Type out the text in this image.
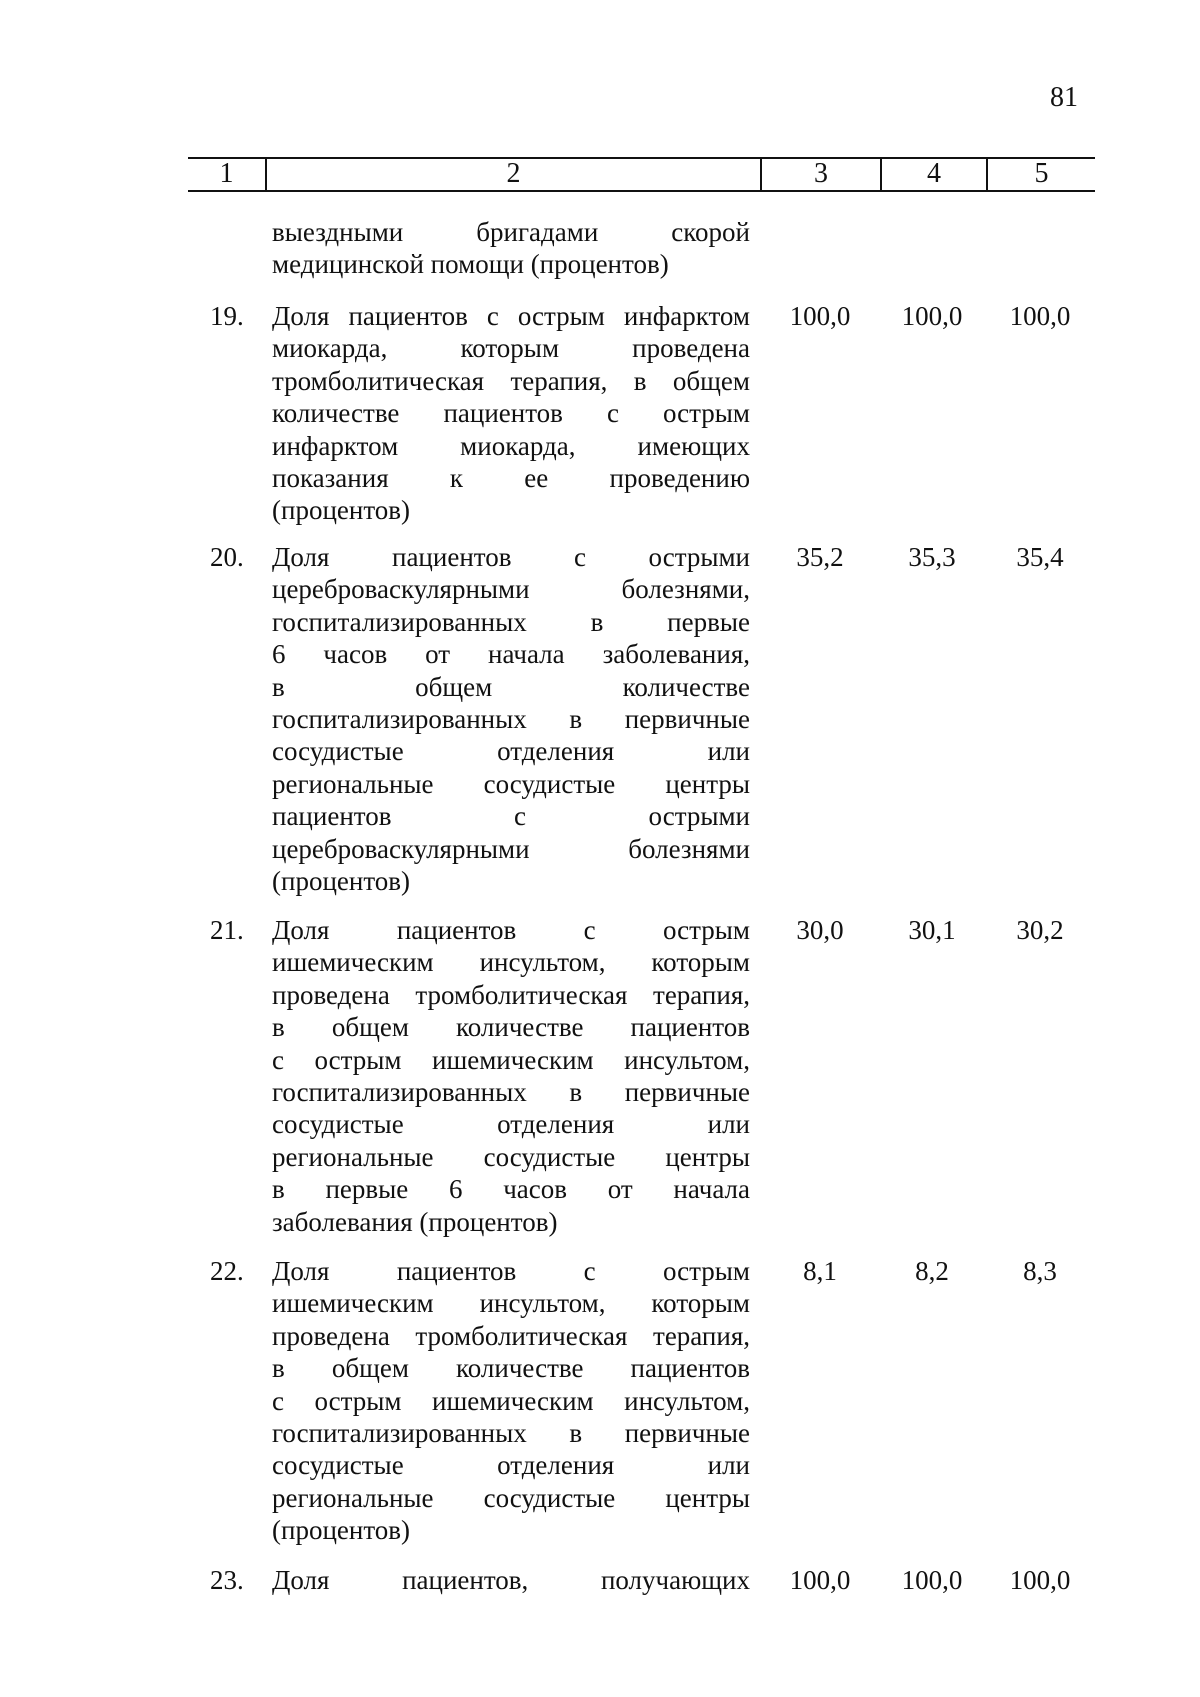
81
1	2	3	4	5
выездными бригадами скорой
медицинской помощи (процентов)
19.	Доля пациентов с острым инфарктом
миокарда, которым проведена
тромболитическая терапия, в общем
количестве пациентов с острым
инфарктом миокарда, имеющих
показания к ее проведению
(процентов)
100,0	100,0	100,0
20.	Доля пациентов с острыми
цереброваскулярными болезнями,
госпитализированных в первые
6 часов от начала заболевания,
в общем количестве
госпитализированных в первичные
сосудистые отделения или
региональные сосудистые центры
пациентов с острыми
цереброваскулярными болезнями
(процентов)
35,2	35,3	35,4
21.	Доля пациентов с острым
ишемическим инсультом, которым
проведена тромболитическая терапия,
в общем количестве пациентов
с острым ишемическим инсультом,
госпитализированных в первичные
сосудистые отделения или
региональные сосудистые центры
в первые 6 часов от начала
заболевания (процентов)
30,0	30,1	30,2
22.	Доля пациентов с острым
ишемическим инсультом, которым
проведена тромболитическая терапия,
в общем количестве пациентов
с острым ишемическим инсультом,
госпитализированных в первичные
сосудистые отделения или
региональные сосудистые центры
(процентов)
8,1	8,2	8,3
23.	Доля пациентов, получающих	100,0	100,0	100,0
